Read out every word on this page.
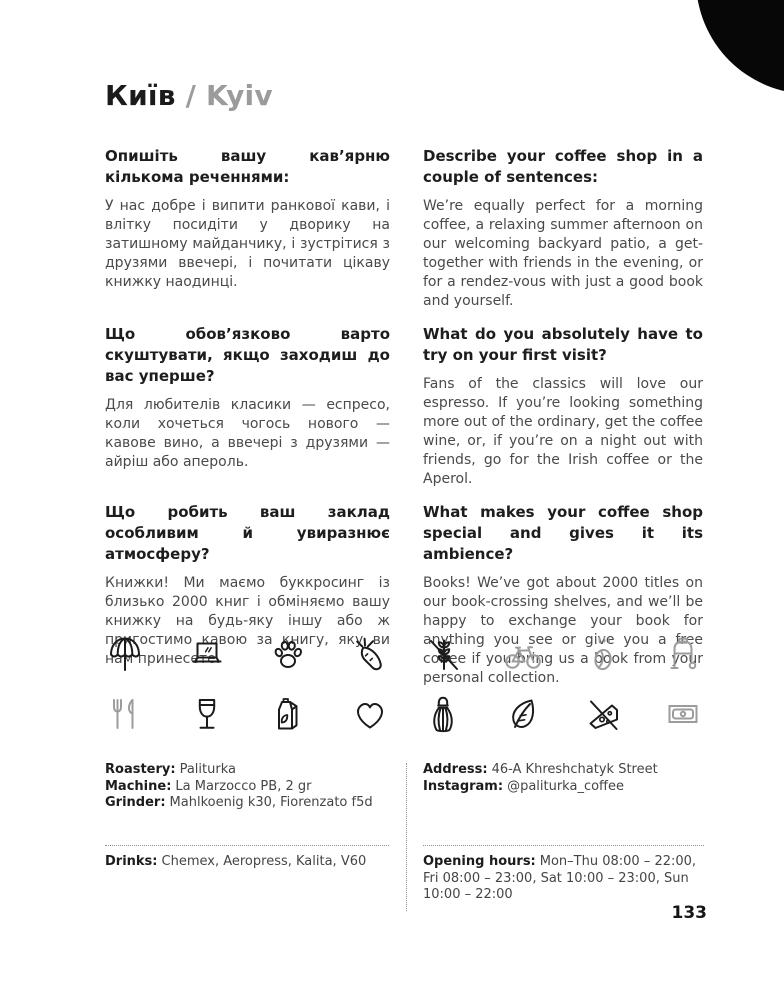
Київ / Kyiv
Опишіть вашу кав’ярню кількома реченнями:

У нас добре і випити ранкової кави, і влітку посидіти у дворику на затишному майданчику, і зустрітися з друзями ввечері, і почитати цікаву книжку наодинці.

Describe your coffee shop in a couple of sentences:

We’re equally perfect for a morning coffee, a relaxing summer afternoon on our welcoming backyard patio, a get-together with friends in the evening, or for a rendez-vous with just a good book and yourself.

Що обов’язково варто скуштувати, якщо заходиш до вас уперше?

Для любителів класики — еспресо, коли хочеться чогось нового — кавове вино, а ввечері з друзями — айріш або апероль.

What do you absolutely have to try on your first visit?

Fans of the classics will love our espresso. If you’re looking something more out of the ordinary, get the coffee wine, or, if you’re on a night out with friends, go for the Irish coffee or the Aperol.

Що робить ваш заклад особливим й увиразнює атмосферу?

Книжки! Ми маємо буккросинг із близько 2000 книг і обміняємо вашу книжку на будь-яку іншу або ж пригостимо кавою за книгу, яку ви нам принесете.

What makes your coffee shop special and gives it its ambience?

Books! We’ve got about 2000 titles on our book-crossing shelves, and we’ll be happy to exchange your book for anything you see or give you a free coffee if you bring us a book from your personal collection.

Roastery: Paliturka
Machine: La Marzocco PB, 2 gr
Grinder: Mahlkoenig k30, Fiorenzato f5d
Address: 46-A Khreshchatyk Street
Instagram: @paliturka_coffee

Drinks: Chemex, Aeropress, Kalita, V60	Opening hours: Mon–Thu 08:00 – 22:00, Fri 08:00 – 23:00, Sat 10:00 – 23:00, Sun 10:00 – 22:00

133
